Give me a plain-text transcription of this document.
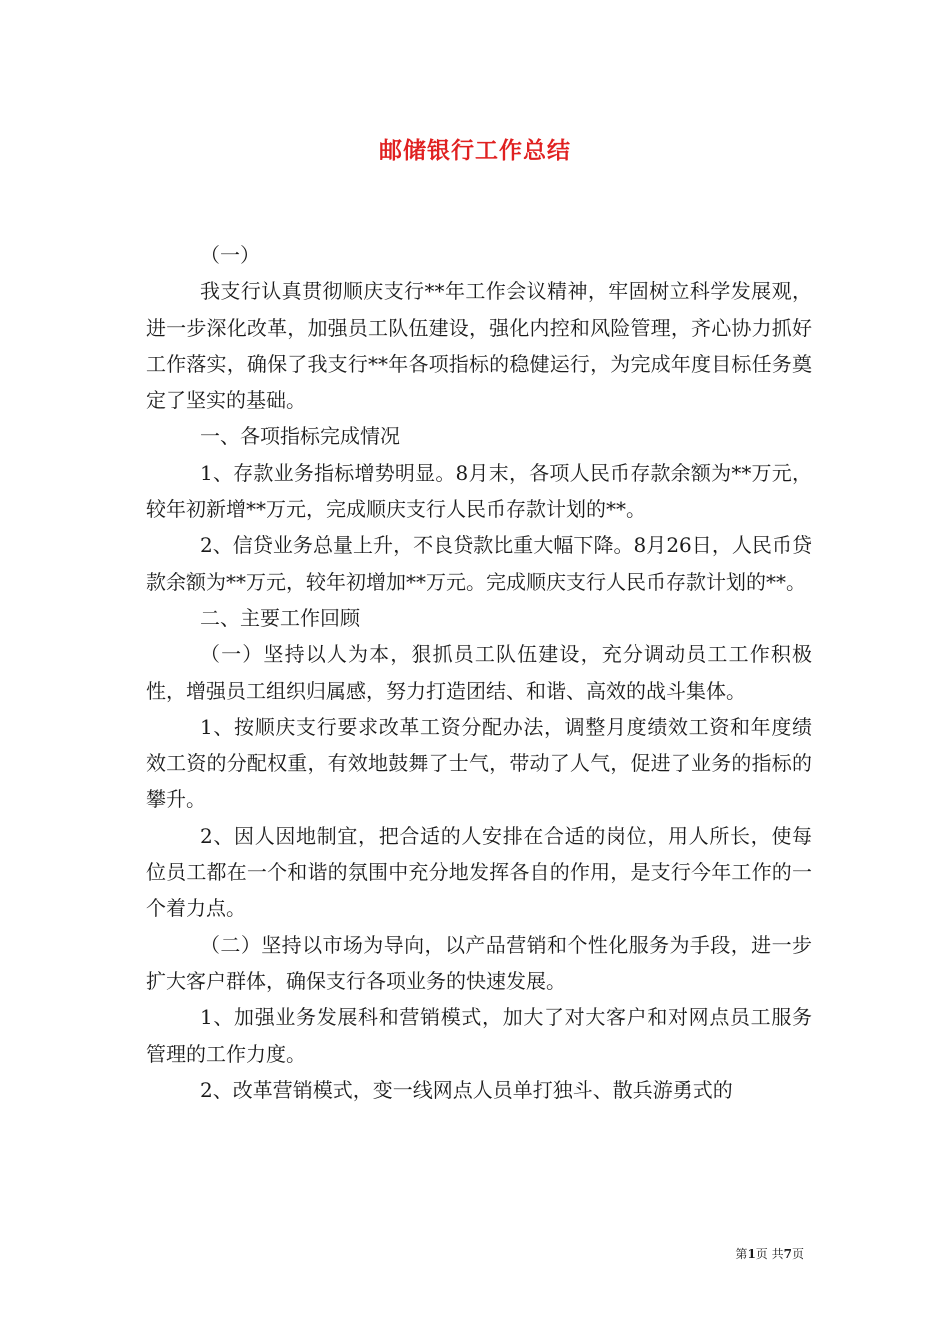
邮储银行工作总结

（一）

我支行认真贯彻顺庆支行**年工作会议精神，牢固树立科学发展观，进一步深化改革，加强员工队伍建设，强化内控和风险管理，齐心协力抓好工作落实，确保了我支行**年各项指标的稳健运行，为完成年度目标任务奠定了坚实的基础。

一、各项指标完成情况

1、存款业务指标增势明显。8月末，各项人民币存款余额为**万元，较年初新增**万元，完成顺庆支行人民币存款计划的**。

2、信贷业务总量上升，不良贷款比重大幅下降。8月26日，人民币贷款余额为**万元，较年初增加**万元。完成顺庆支行人民币存款计划的**。

二、主要工作回顾

（一）坚持以人为本，狠抓员工队伍建设，充分调动员工工作积极性，增强员工组织归属感，努力打造团结、和谐、高效的战斗集体。

1、按顺庆支行要求改革工资分配办法，调整月度绩效工资和年度绩效工资的分配权重，有效地鼓舞了士气，带动了人气，促进了业务的指标的攀升。

2、因人因地制宜，把合适的人安排在合适的岗位，用人所长，使每位员工都在一个和谐的氛围中充分地发挥各自的作用，是支行今年工作的一个着力点。

（二）坚持以市场为导向，以产品营销和个性化服务为手段，进一步扩大客户群体，确保支行各项业务的快速发展。

1、加强业务发展科和营销模式，加大了对大客户和对网点员工服务管理的工作力度。

2、改革营销模式，变一线网点人员单打独斗、散兵游勇式的

第1页 共7页
